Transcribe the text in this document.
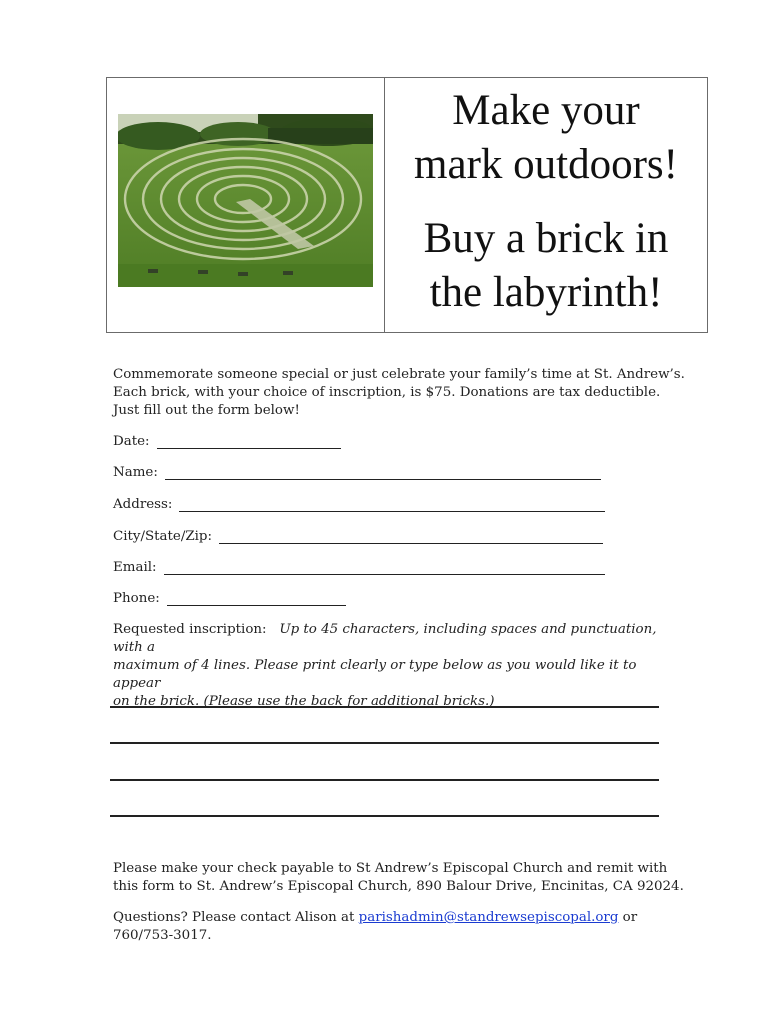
Make your

mark outdoors!

Buy a brick in

the labyrinth!

Commemorate someone special or just celebrate your family’s time at St. Andrew’s.
Each brick, with your choice of inscription, is $75. Donations are tax deductible.
Just fill out the form below!
Date:
Name:
Address:
City/State/Zip:
Email:
Phone:
Requested inscription: Up to 45 characters, including spaces and punctuation, with a
maximum of 4 lines. Please print clearly or type below as you would like it to appear
on the brick. (Please use the back for additional bricks.)
Please make your check payable to St Andrew’s Episcopal Church and remit with
this form to St. Andrew’s Episcopal Church, 890 Balour Drive, Encinitas, CA 92024.
Questions? Please contact Alison at parishadmin@standrewsepiscopal.org or
760/753-3017.
